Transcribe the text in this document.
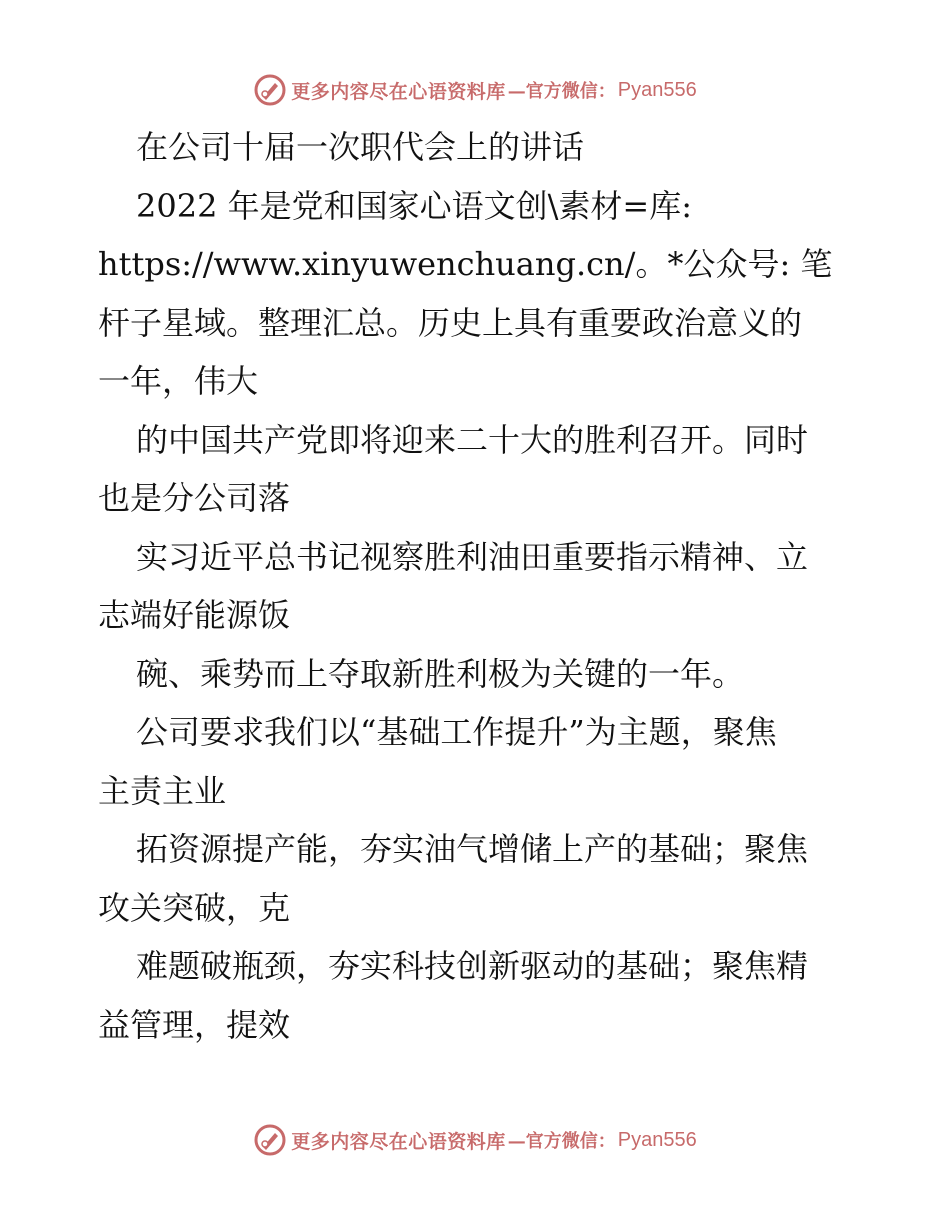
更多内容尽在心语资料库 —官方微信： Pyan556
在公司十届一次职代会上的讲话
2022 年是党和国家心语文创\素材=库:
https://www.xinyuwenchuang.cn/。*公众号: 笔
杆子星域。整理汇总。历史上具有重要政治意义的
一年，伟大
的中国共产党即将迎来二十大的胜利召开。同时
也是分公司落
实习近平总书记视察胜利油田重要指示精神、立
志端好能源饭
碗、乘势而上夺取新胜利极为关键的一年。
公司要求我们以“基础工作提升”为主题，聚焦
主责主业
拓资源提产能，夯实油气增储上产的基础；聚焦
攻关突破，克
难题破瓶颈，夯实科技创新驱动的基础；聚焦精
益管理，提效
更多内容尽在心语资料库 —官方微信： Pyan556
